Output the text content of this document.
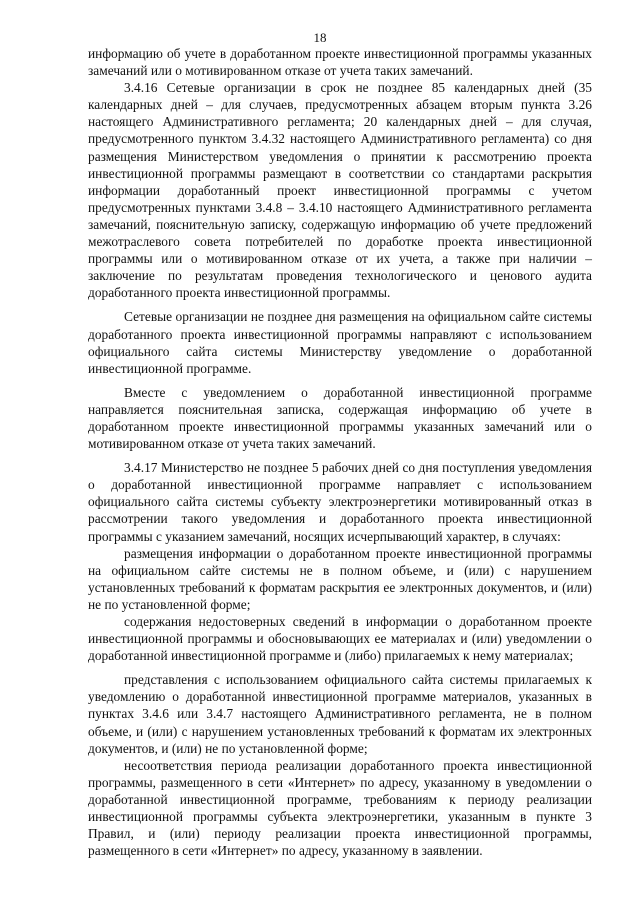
18

информацию об учете в доработанном проекте инвестиционной программы указанных замечаний или о мотивированном отказе от учета таких замечаний.

3.4.16 Сетевые организации в срок не позднее 85 календарных дней (35 календарных дней – для случаев, предусмотренных абзацем вторым пункта 3.26 настоящего Административного регламента; 20 календарных дней – для случая, предусмотренного пунктом 3.4.32 настоящего Административного регламента) со дня размещения Министерством уведомления о принятии к рассмотрению проекта инвестиционной программы размещают в соответствии со стандартами раскрытия информации доработанный проект инвестиционной программы с учетом предусмотренных пунктами 3.4.8 – 3.4.10 настоящего Административного регламента замечаний, пояснительную записку, содержащую информацию об учете предложений межотраслевого совета потребителей по доработке проекта инвестиционной программы или о мотивированном отказе от их учета, а также при наличии – заключение по результатам проведения технологического и ценового аудита доработанного проекта инвестиционной программы.

Сетевые организации не позднее дня размещения на официальном сайте системы доработанного проекта инвестиционной программы направляют с использованием официального сайта системы Министерству уведомление о доработанной инвестиционной программе.

Вместе с уведомлением о доработанной инвестиционной программе направляется пояснительная записка, содержащая информацию об учете в доработанном проекте инвестиционной программы указанных замечаний или о мотивированном отказе от учета таких замечаний.

3.4.17 Министерство не позднее 5 рабочих дней со дня поступления уведомления о доработанной инвестиционной программе направляет с использованием официального сайта системы субъекту электроэнергетики мотивированный отказ в рассмотрении такого уведомления и доработанного проекта инвестиционной программы с указанием замечаний, носящих исчерпывающий характер, в случаях:

размещения информации о доработанном проекте инвестиционной программы на официальном сайте системы не в полном объеме, и (или) с нарушением установленных требований к форматам раскрытия ее электронных документов, и (или) не по установленной форме;

содержания недостоверных сведений в информации о доработанном проекте инвестиционной программы и обосновывающих ее материалах и (или) уведомлении о доработанной инвестиционной программе и (либо) прилагаемых к нему материалах;

представления с использованием официального сайта системы прилагаемых к уведомлению о доработанной инвестиционной программе материалов, указанных в пунктах 3.4.6 или 3.4.7 настоящего Административного регламента, не в полном объеме, и (или) с нарушением установленных требований к форматам их электронных документов, и (или) не по установленной форме;

несоответствия периода реализации доработанного проекта инвестиционной программы, размещенного в сети «Интернет» по адресу, указанному в уведомлении о доработанной инвестиционной программе, требованиям к периоду реализации инвестиционной программы субъекта электроэнергетики, указанным в пункте 3 Правил, и (или) периоду реализации проекта инвестиционной программы, размещенного в сети «Интернет» по адресу, указанному в заявлении.
